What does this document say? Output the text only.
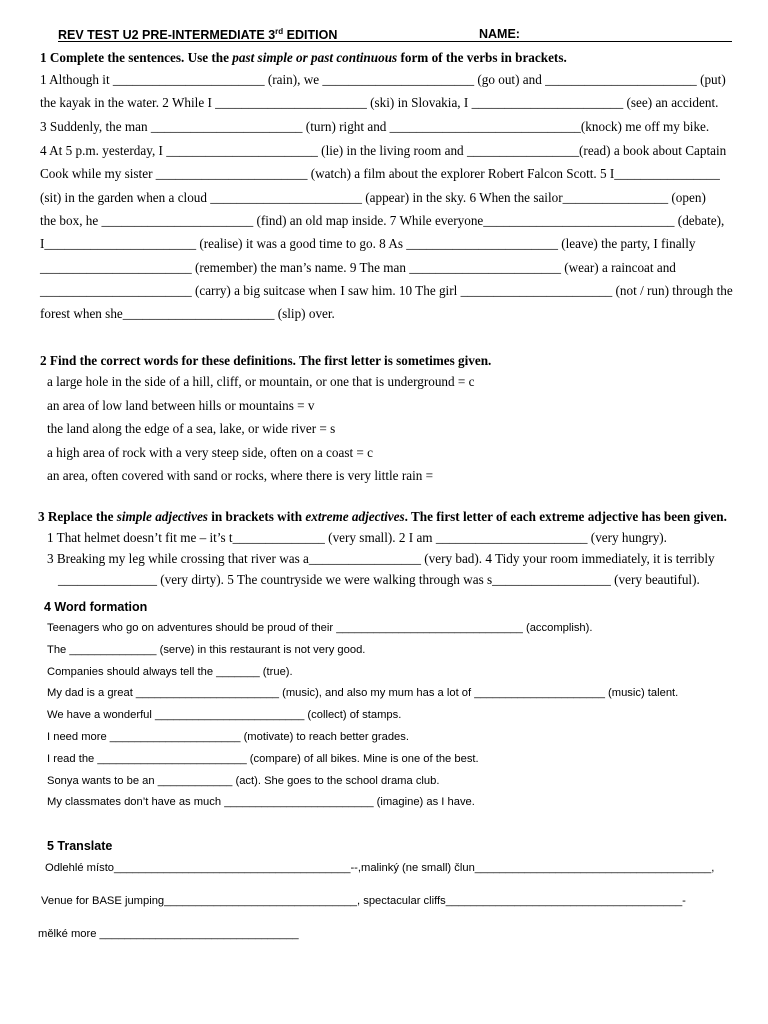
REV TEST U2 PRE-INTERMEDIATE 3rd EDITION	NAME:
1 Complete the sentences. Use the past simple or past continuous form of the verbs in brackets.
1 Although it _______________________ (rain), we _______________________ (go out) and _______________________ (put)
the kayak in the water. 2 While I _______________________ (ski) in Slovakia, I _______________________ (see) an accident.
3 Suddenly, the man _______________________ (turn) right and _____________________________(knock) me off my bike.
4 At 5 p.m. yesterday, I _______________________ (lie) in the living room and _________________(read) a book about Captain
Cook while my sister _______________________ (watch) a film about the explorer Robert Falcon Scott. 5 I________________
(sit) in the garden when a cloud _______________________ (appear) in the sky. 6 When the sailor________________ (open)
the box, he _______________________ (find) an old map inside. 7 While everyone_____________________________ (debate),
I_______________________ (realise) it was a good time to go. 8 As _______________________ (leave) the party, I finally
_______________________ (remember) the man’s name. 9 The man _______________________ (wear) a raincoat and
_______________________ (carry) a big suitcase when I saw him. 10 The girl _______________________ (not / run) through the
forest when she_______________________ (slip) over.
2 Find the correct words for these definitions. The first letter is sometimes given.
a large hole in the side of a hill, cliff, or mountain, or one that is underground = c
an area of low land between hills or mountains = v
the land along the edge of a sea, lake, or wide river = s
a high area of rock with a very steep side, often on a coast = c
an area, often covered with sand or rocks, where there is very little rain =
3 Replace the simple adjectives in brackets with extreme adjectives. The first letter of each extreme adjective has been given.
1 That helmet doesn’t fit me – it’s t______________ (very small). 2 I am _______________________ (very hungry).
3 Breaking my leg while crossing that river was a_________________ (very bad). 4 Tidy your room immediately, it is terribly
_______________ (very dirty). 5 The countryside we were walking through was s__________________ (very beautiful).
4 Word formation
Teenagers who go on adventures should be proud of their ______________________________ (accomplish).
The ______________ (serve) in this restaurant is not very good.
Companies should always tell the _______ (true).
My dad is a great _______________________ (music), and also my mum has a lot of _____________________ (music) talent.
We have a wonderful ________________________ (collect) of stamps.
I need more _____________________ (motivate) to reach better grades.
I read the ________________________ (compare) of all bikes. Mine is one of the best.
Sonya wants to be an ____________ (act). She goes to the school drama club.
My classmates don’t have as much ________________________ (imagine) as I have.
5 Translate
Odlehlé místo______________________________________--,malinký (ne small) člun______________________________________,
Venue for BASE jumping_______________________________, spectacular cliffs______________________________________-
mělké more ________________________________
